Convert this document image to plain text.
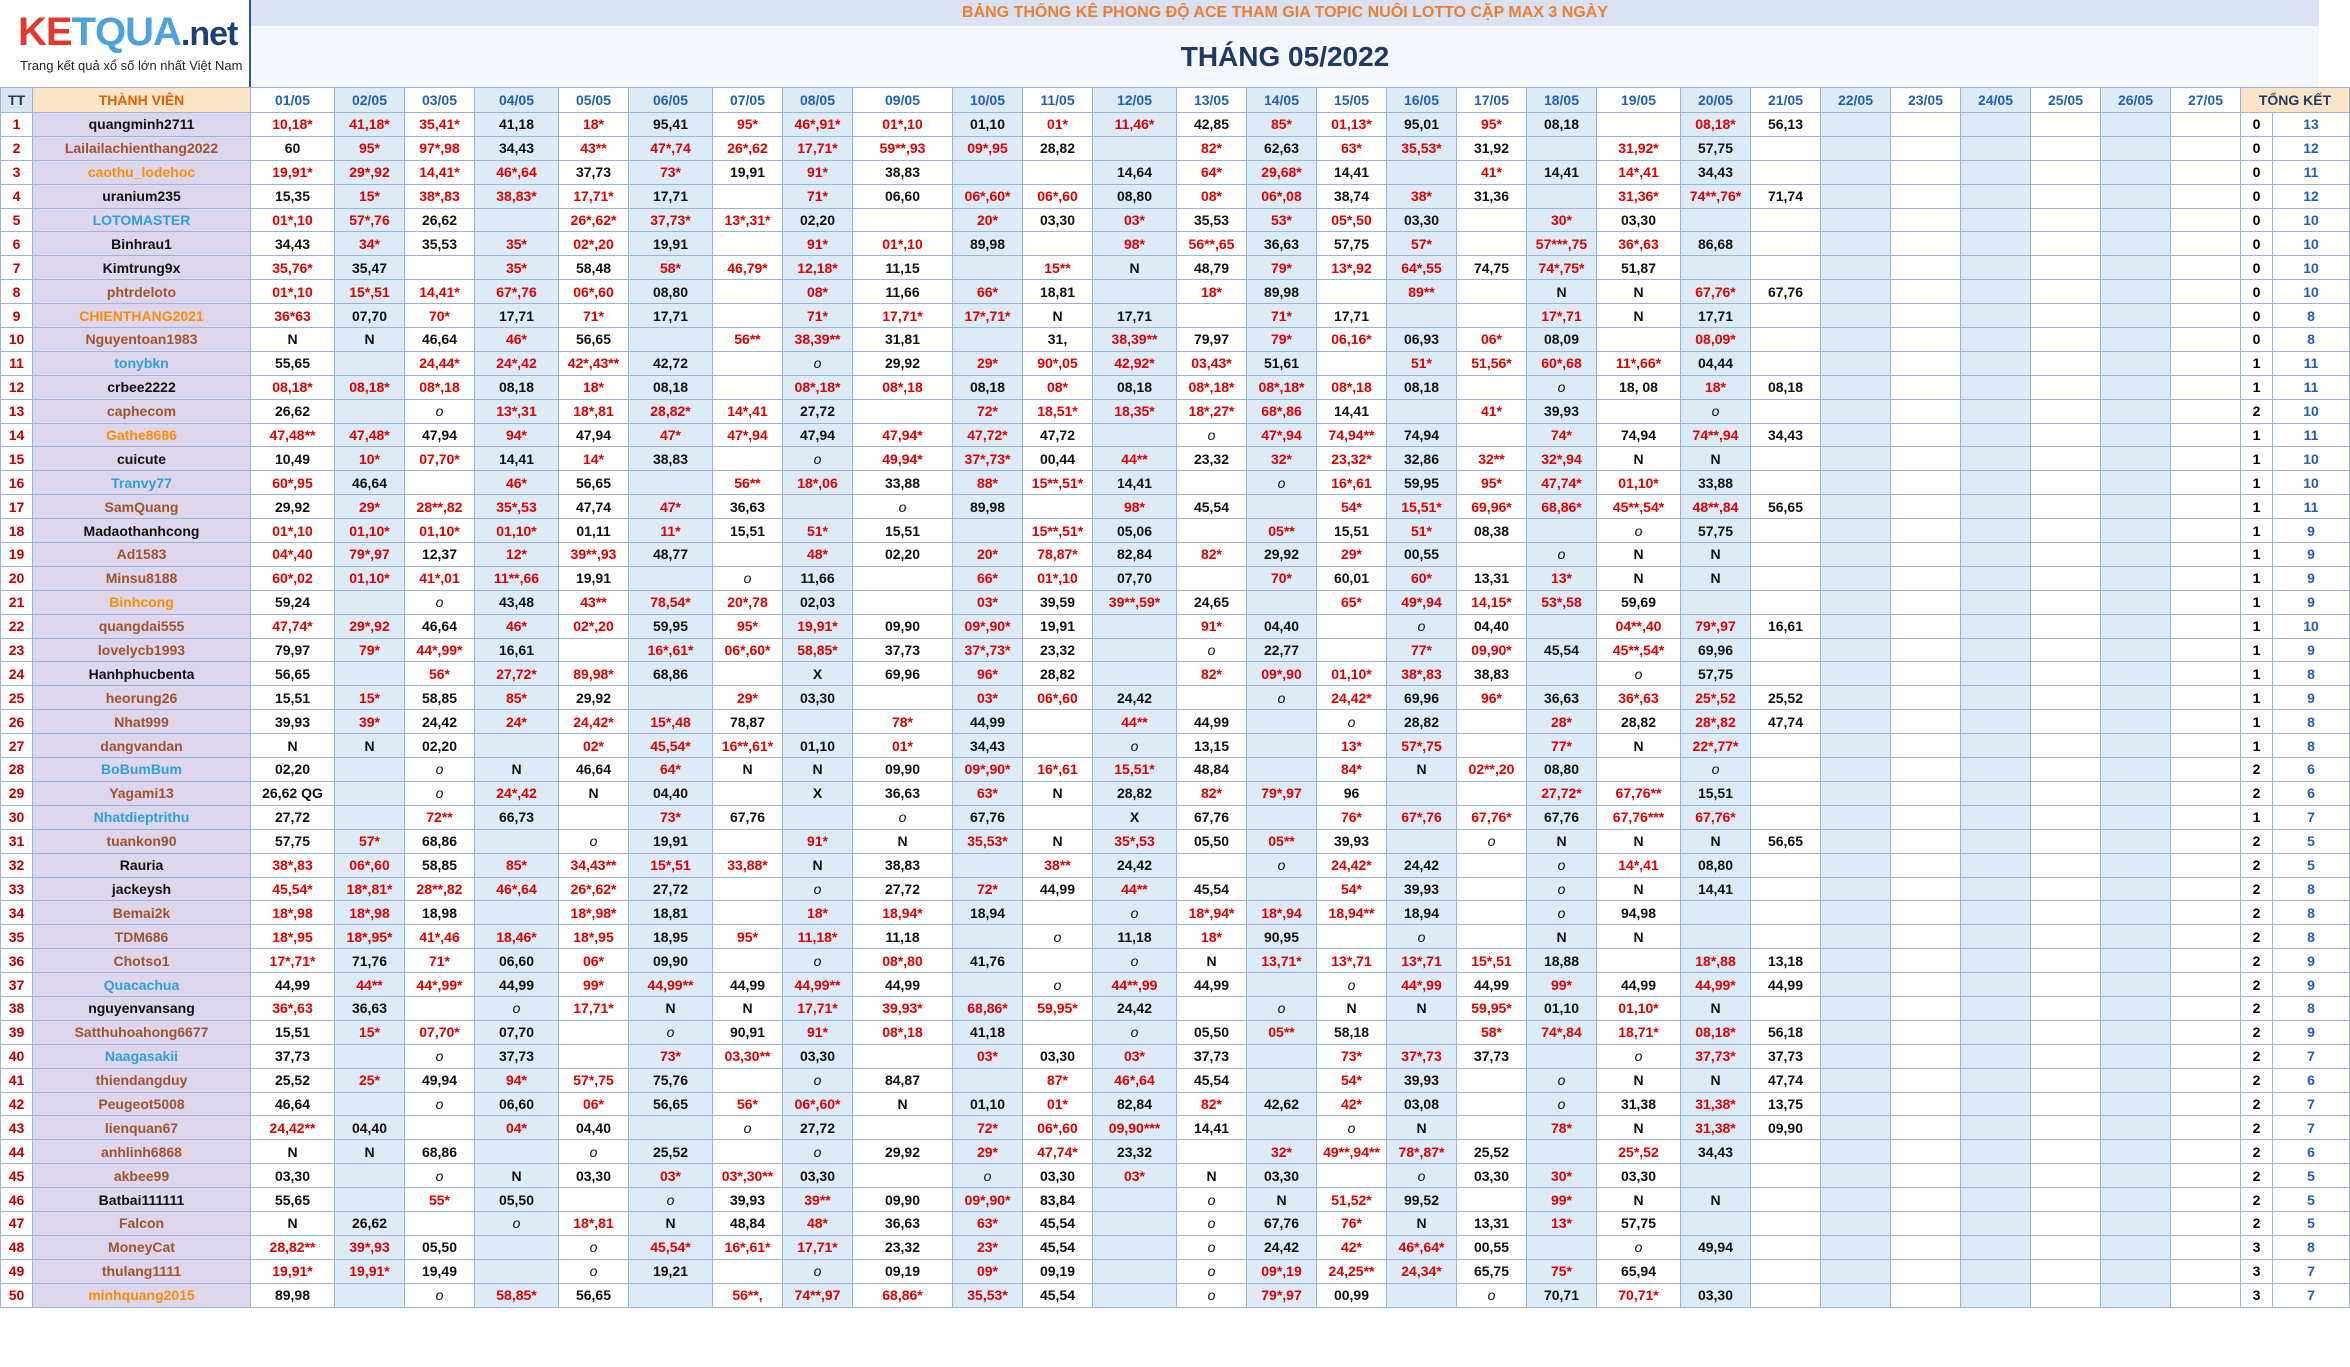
KETQUA.net
Trang kết quả xổ số lớn nhất Việt Nam
BẢNG THỐNG KÊ PHONG ĐỘ ACE THAM GIA TOPIC NUÔI LOTTO CẶP MAX 3 NGÀY
THÁNG 05/2022
TT	THÀNH VIÊN	01/05	02/05	03/05	04/05	05/05	06/05	07/05	08/05	09/05	10/05	11/05	12/05	13/05	14/05	15/05	16/05	17/05	18/05	19/05	20/05	21/05	22/05	23/05	24/05	25/05	26/05	27/05	TỔNG KẾT	
1	quangminh2711	10,18*	41,18*	35,41*	41,18	18*	95,41	95*	46*,91*	01*,10	01,10	01*	11,46*	42,85	85*	01,13*	95,01	95*	08,18		08,18*	56,13							0	13
2	Lailailachienthang2022	60	95*	97*,98	34,43	43**	47*,74	26*,62	17,71*	59**,93	09*,95	28,82		82*	62,63	63*	35,53*	31,92		31,92*	57,75								0	12
3	caothu_lodehoc	19,91*	29*,92	14,41*	46*,64	37,73	73*	19,91	91*	38,83			14,64	64*	29,68*	14,41		41*	14,41	14*,41	34,43								0	11
4	uranium235	15,35	15*	38*,83	38,83*	17,71*	17,71		71*	06,60	06*,60*	06*,60	08,80	08*	06*,08	38,74	38*	31,36		31,36*	74**,76*	71,74							0	12
5	LOTOMASTER	01*,10	57*,76	26,62		26*,62*	37,73*	13*,31*	02,20		20*	03,30	03*	35,53	53*	05*,50	03,30		30*	03,30									0	10
6	Binhrau1	34,43	34*	35,53	35*	02*,20	19,91		91*	01*,10	89,98		98*	56**,65	36,63	57,75	57*		57***,75	36*,63	86,68								0	10
7	Kimtrung9x	35,76*	35,47		35*	58,48	58*	46,79*	12,18*	11,15		15**	N	48,79	79*	13*,92	64*,55	74,75	74*,75*	51,87									0	10
8	phtrdeloto	01*,10	15*,51	14,41*	67*,76	06*,60	08,80		08*	11,66	66*	18,81		18*	89,98		89**		N	N	67,76*	67,76							0	10
9	CHIENTHANG2021	36*63	07,70	70*	17,71	71*	17,71		71*	17,71*	17*,71*	N	17,71		71*	17,71			17*,71	N	17,71								0	8
10	Nguyentoan1983	N	N	46,64	46*	56,65		56**	38,39**	31,81		31,	38,39**	79,97	79*	06,16*	06,93	06*	08,09		08,09*								0	8
11	tonybkn	55,65		24,44*	24*,42	42*,43**	42,72		o	29,92	29*	90*,05	42,92*	03,43*	51,61		51*	51,56*	60*,68	11*,66*	04,44								1	11
12	crbee2222	08,18*	08,18*	08*,18	08,18	18*	08,18		08*,18*	08*,18	08,18	08*	08,18	08*,18*	08*,18*	08*,18	08,18		o	18, 08	18*	08,18							1	11
13	caphecom	26,62		o	13*,31	18*,81	28,82*	14*,41	27,72		72*	18,51*	18,35*	18*,27*	68*,86	14,41		41*	39,93		o								2	10
14	Gathe8686	47,48**	47,48*	47,94	94*	47,94	47*	47*,94	47,94	47,94*	47,72*	47,72		o	47*,94	74,94**	74,94		74*	74,94	74**,94	34,43							1	11
15	cuicute	10,49	10*	07,70*	14,41	14*	38,83		o	49,94*	37*,73*	00,44	44**	23,32	32*	23,32*	32,86	32**	32*,94	N	N								1	10
16	Tranvy77	60*,95	46,64		46*	56,65		56**	18*,06	33,88	88*	15**,51*	14,41		o	16*,61	59,95	95*	47,74*	01,10*	33,88								1	10
17	SamQuang	29,92	29*	28**,82	35*,53	47,74	47*	36,63		o	89,98		98*	45,54		54*	15,51*	69,96*	68,86*	45**,54*	48**,84	56,65							1	11
18	Madaothanhcong	01*,10	01,10*	01,10*	01,10*	01,11	11*	15,51	51*	15,51		15**,51*	05,06		05**	15,51	51*	08,38		o	57,75								1	9
19	Ad1583	04*,40	79*,97	12,37	12*	39**,93	48,77		48*	02,20	20*	78,87*	82,84	82*	29,92	29*	00,55		o	N	N								1	9
20	Minsu8188	60*,02	01,10*	41*,01	11**,66	19,91		o	11,66		66*	01*,10	07,70		70*	60,01	60*	13,31	13*	N	N								1	9
21	Binhcong	59,24		o	43,48	43**	78,54*	20*,78	02,03		03*	39,59	39**,59*	24,65		65*	49*,94	14,15*	53*,58	59,69									1	9
22	quangdai555	47,74*	29*,92	46,64	46*	02*,20	59,95	95*	19,91*	09,90	09*,90*	19,91		91*	04,40		o	04,40		04**,40	79*,97	16,61							1	10
23	lovelycb1993	79,97	79*	44*,99*	16,61		16*,61*	06*,60*	58,85*	37,73	37*,73*	23,32		o	22,77		77*	09,90*	45,54	45**,54*	69,96								1	9
24	Hanhphucbenta	56,65		56*	27,72*	89,98*	68,86		X	69,96	96*	28,82		82*	09*,90	01,10*	38*,83	38,83		o	57,75								1	8
25	heorung26	15,51	15*	58,85	85*	29,92		29*	03,30		03*	06*,60	24,42		o	24,42*	69,96	96*	36,63	36*,63	25*,52	25,52							1	9
26	Nhat999	39,93	39*	24,42	24*	24,42*	15*,48	78,87		78*	44,99		44**	44,99		o	28,82		28*	28,82	28*,82	47,74							1	8
27	dangvandan	N	N	02,20		02*	45,54*	16**,61*	01,10	01*	34,43		o	13,15		13*	57*,75		77*	N	22*,77*								1	8
28	BoBumBum	02,20		o	N	46,64	64*	N	N	09,90	09*,90*	16*,61	15,51*	48,84		84*	N	02**,20	08,80		o								2	6
29	Yagami13	26,62 QG		o	24*,42	N	04,40		X	36,63	63*	N	28,82	82*	79*,97	96			27,72*	67,76**	15,51								2	6
30	Nhatdieptrithu	27,72		72**	66,73		73*	67,76		o	67,76		X	67,76		76*	67*,76	67,76*	67,76	67,76***	67,76*								1	7
31	tuankon90	57,75	57*	68,86		o	19,91		91*	N	35,53*	N	35*,53	05,50	05**	39,93		o	N	N	N	56,65							2	5
32	Rauria	38*,83	06*,60	58,85	85*	34,43**	15*,51	33,88*	N	38,83		38**	24,42		o	24,42*	24,42		o	14*,41	08,80								2	5
33	jackeysh	45,54*	18*,81*	28**,82	46*,64	26*,62*	27,72		o	27,72	72*	44,99	44**	45,54		54*	39,93		o	N	14,41								2	8
34	Bemai2k	18*,98	18*,98	18,98		18*,98*	18,81		18*	18,94*	18,94		o	18*,94*	18*,94	18,94**	18,94		o	94,98									2	8
35	TDM686	18*,95	18*,95*	41*,46	18,46*	18*,95	18,95	95*	11,18*	11,18		o	11,18	18*	90,95		o		N	N									2	8
36	Chotso1	17*,71*	71,76	71*	06,60	06*	09,90		o	08*,80	41,76		o	N	13,71*	13*,71	13*,71	15*,51	18,88		18*,88	13,18							2	9
37	Quacachua	44,99	44**	44*,99*	44,99	99*	44,99**	44,99	44,99**	44,99		o	44**,99	44,99		o	44*,99	44,99	99*	44,99	44,99*	44,99							2	9
38	nguyenvansang	36*,63	36,63		o	17,71*	N	N	17,71*	39,93*	68,86*	59,95*	24,42		o	N	N	59,95*	01,10	01,10*	N								2	8
39	Satthuhoahong6677	15,51	15*	07,70*	07,70		o	90,91	91*	08*,18	41,18		o	05,50	05**	58,18		58*	74*,84	18,71*	08,18*	56,18							2	9
40	Naagasakii	37,73		o	37,73		73*	03,30**	03,30		03*	03,30	03*	37,73		73*	37*,73	37,73		o	37,73*	37,73							2	7
41	thiendangduy	25,52	25*	49,94	94*	57*,75	75,76		o	84,87		87*	46*,64	45,54		54*	39,93		o	N	N	47,74							2	6
42	Peugeot5008	46,64		o	06,60	06*	56,65	56*	06*,60*	N	01,10	01*	82,84	82*	42,62	42*	03,08		o	31,38	31,38*	13,75							2	7
43	lienquan67	24,42**	04,40		04*	04,40		o	27,72		72*	06*,60	09,90***	14,41		o	N		78*	N	31,38*	09,90							2	7
44	anhlinh6868	N	N	68,86		o	25,52		o	29,92	29*	47,74*	23,32		32*	49**,94**	78*,87*	25,52		25*,52	34,43								2	6
45	akbee99	03,30		o	N	03,30	03*	03*,30**	03,30		o	03,30	03*	N	03,30		o	03,30	30*	03,30									2	5
46	Batbai111111	55,65		55*	05,50		o	39,93	39**	09,90	09*,90*	83,84		o	N	51,52*	99,52		99*	N	N								2	5
47	Falcon	N	26,62		o	18*,81	N	48,84	48*	36,63	63*	45,54		o	67,76	76*	N	13,31	13*	57,75									2	5
48	MoneyCat	28,82**	39*,93	05,50		o	45,54*	16*,61*	17,71*	23,32	23*	45,54		o	24,42	42*	46*,64*	00,55		o	49,94								3	8
49	thulang1111	19,91*	19,91*	19,49		o	19,21		o	09,19	09*	09,19		o	09*,19	24,25**	24,34*	65,75	75*	65,94									3	7
50	minhquang2015	89,98		o	58,85*	56,65		56**,	74**,97	68,86*	35,53*	45,54		o	79*,97	00,99		o	70,71	70,71*	03,30								3	7
